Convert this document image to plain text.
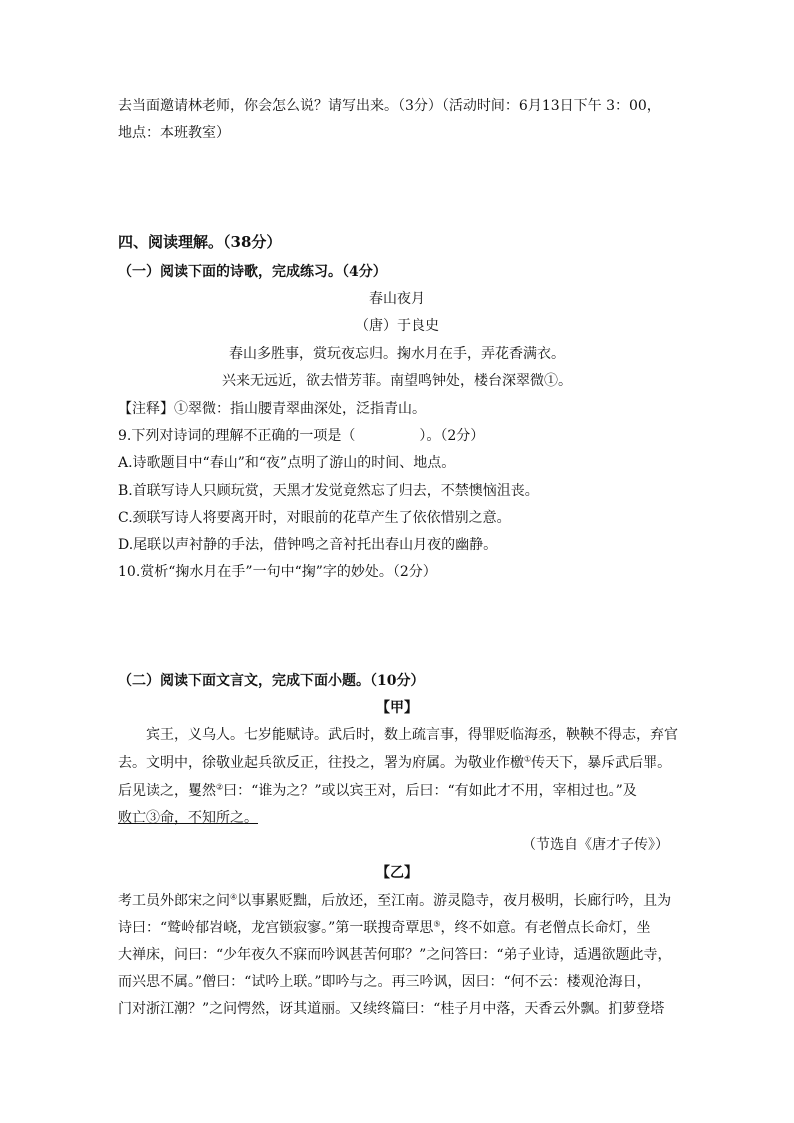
去当面邀请林老师，你会怎么说？请写出来。（3分）（活动时间：6月13日下午 3：00，
地点：本班教室）
四、阅读理解。（38分）
（一）阅读下面的诗歌，完成练习。（4分）
春山夜月
（唐）于良史
春山多胜事，赏玩夜忘归。掬水月在手，弄花香满衣。
兴来无远近，欲去惜芳菲。南望鸣钟处，楼台深翠微①。
【注释】①翠微：指山腰青翠曲深处，泛指青山。
9.下列对诗词的理解不正确的一项是（	）。（2分）
A.诗歌题目中“春山”和“夜”点明了游山的时间、地点。
B.首联写诗人只顾玩赏，天黑才发觉竟然忘了归去，不禁懊恼沮丧。
C.颈联写诗人将要离开时，对眼前的花草产生了依依惜别之意。
D.尾联以声衬静的手法，借钟鸣之音衬托出春山月夜的幽静。
10.赏析“掬水月在手”一句中“掬”字的妙处。（2分）
（二）阅读下面文言文，完成下面小题。（10分）
【甲】
宾王，义乌人。七岁能赋诗。武后时，数上疏言事，得罪贬临海丞，鞅鞅不得志，弃官
去。文明中，徐敬业起兵欲反正，往投之，署为府属。为敬业作檄①传天下，暴斥武后罪。
后见读之，矍然②曰：“谁为之？”或以宾王对，后曰：“有如此才不用，宰相过也。”及
败亡③命，不知所之。
（节选自《唐才子传》）
【乙】
考工员外郎宋之问④以事累贬黜，后放还，至江南。游灵隐寺，夜月极明，长廊行吟，且为
诗曰：“鹫岭郁岧峣，龙宫锁寂寥。”第一联搜奇覃思⑤，终不如意。有老僧点长命灯，坐
大禅床，问曰：“少年夜久不寐而吟讽甚苦何耶？”之问答曰：“弟子业诗，适遇欲题此寺，
而兴思不属。”僧曰：“试吟上联。”即吟与之。再三吟讽，因曰：“何不云：楼观沧海日，
门对浙江潮？”之问愕然，讶其道丽。又续终篇曰：“桂子月中落，天香云外飘。扪萝登塔
